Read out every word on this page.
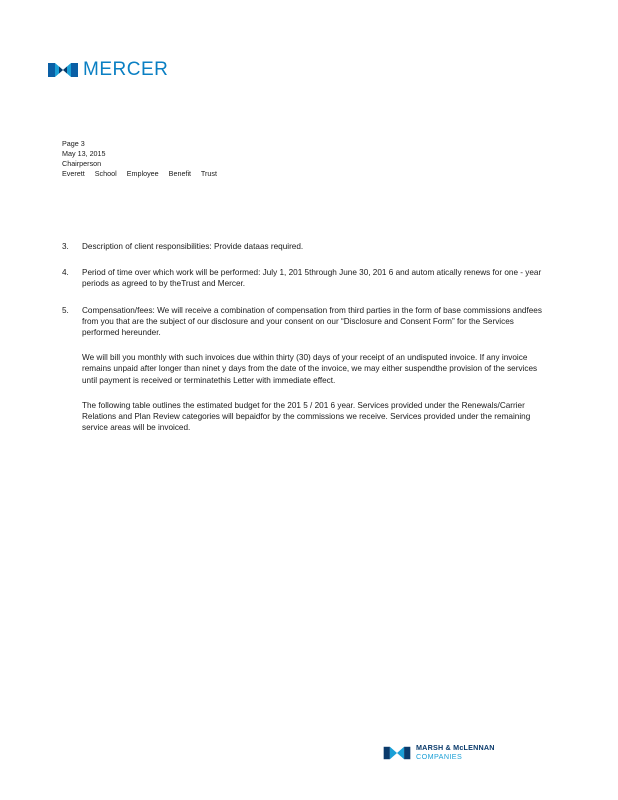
MERCER
Page 3
May 13, 2015
Chairperson
Everett     School     Employee     Benefit     Trust
3.	Description of client responsibilities: Provide dataas required.

4.	Period of time over which work will be performed: July 1, 201 5through June 30, 201 6 and autom atically renews for one - year periods as agreed to by theTrust and Mercer.

5.	Compensation/fees: We will receive a combination of compensation from third parties in the form of base commissions andfees from you that are the subject of our disclosure and your consent on our “Disclosure and Consent Form” for the Services performed hereunder.

We will bill you monthly with such invoices due within thirty (30) days of your receipt of an undisputed invoice. If any invoice remains unpaid after longer than ninet y days from the date of the invoice, we may either suspendthe provision of the services until payment is received or terminatethis Letter with immediate effect.

The following table outlines the estimated budget for the 201 5 / 201 6 year. Services provided under the Renewals/Carrier Relations and Plan Review categories will bepaidfor by the commissions we receive. Services provided under the remaining service areas will be invoiced.

MARSH & McLENNAN
COMPANIES
